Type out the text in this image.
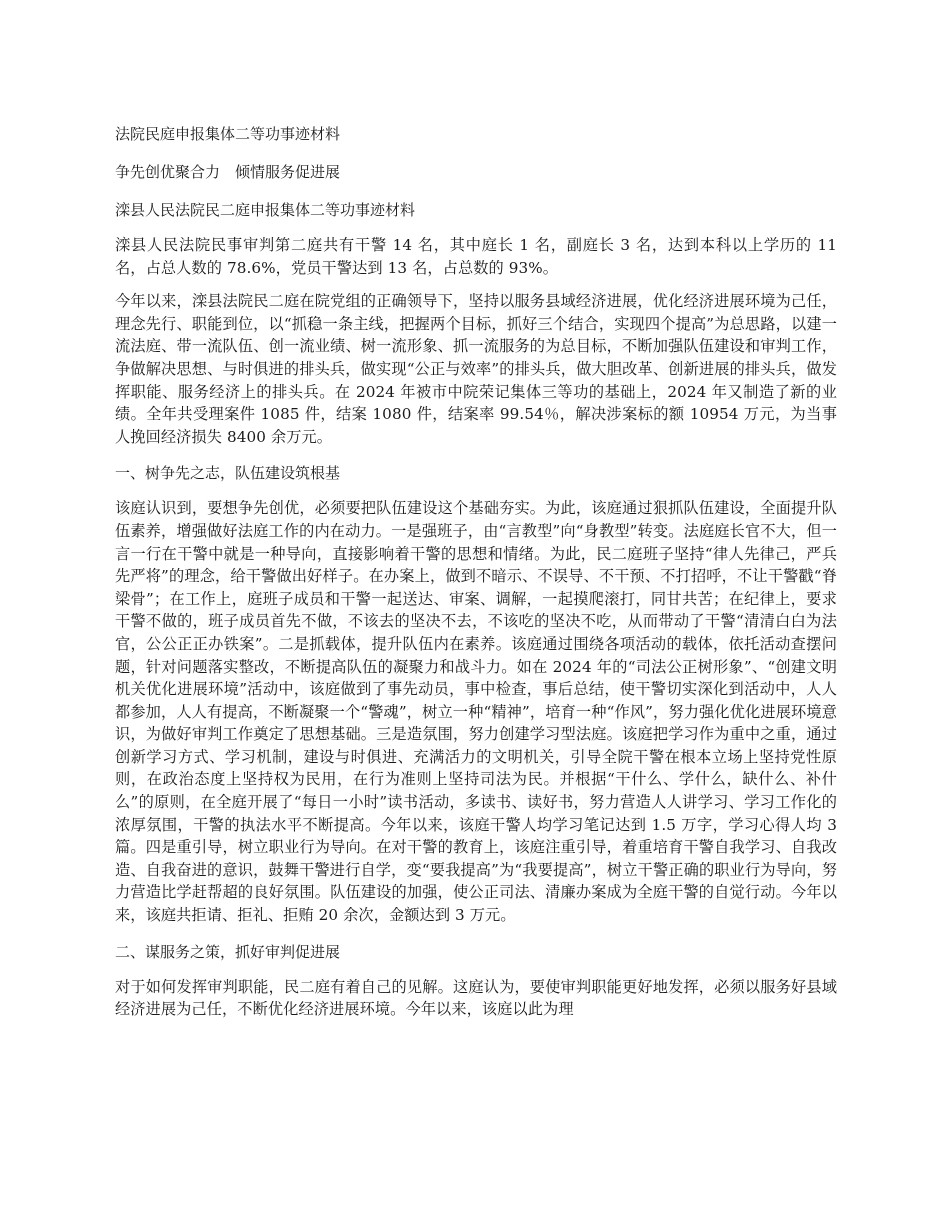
法院民庭申报集体二等功事迹材料

争先创优聚合力　倾情服务促进展

滦县人民法院民二庭申报集体二等功事迹材料

滦县人民法院民事审判第二庭共有干警 14 名，其中庭长 1 名，副庭长 3 名，达到本科以上学历的 11 名，占总人数的 78.6%，党员干警达到 13 名，占总数的 93%。

今年以来，滦县法院民二庭在院党组的正确领导下，坚持以服务县域经济进展，优化经济进展环境为己任，理念先行、职能到位，以“抓稳一条主线，把握两个目标，抓好三个结合，实现四个提高”为总思路，以建一流法庭、带一流队伍、创一流业绩、树一流形象、抓一流服务的为总目标，不断加强队伍建设和审判工作，争做解决思想、与时俱进的排头兵，做实现“公正与效率”的排头兵，做大胆改革、创新进展的排头兵，做发挥职能、服务经济上的排头兵。在 2024 年被市中院荣记集体三等功的基础上，2024 年又制造了新的业绩。全年共受理案件 1085 件，结案 1080 件，结案率 99.54％，解决涉案标的额 10954 万元，为当事人挽回经济损失 8400 余万元。

一、树争先之志，队伍建设筑根基

该庭认识到，要想争先创优，必须要把队伍建设这个基础夯实。为此，该庭通过狠抓队伍建设，全面提升队伍素养，增强做好法庭工作的内在动力。一是强班子，由“言教型”向“身教型”转变。法庭庭长官不大，但一言一行在干警中就是一种导向，直接影响着干警的思想和情绪。为此，民二庭班子坚持“律人先律己，严兵先严将”的理念，给干警做出好样子。在办案上，做到不暗示、不误导、不干预、不打招呼，不让干警戳“脊梁骨”；在工作上，庭班子成员和干警一起送达、审案、调解，一起摸爬滚打，同甘共苦；在纪律上，要求干警不做的，班子成员首先不做，不该去的坚决不去，不该吃的坚决不吃，从而带动了干警“清清白白为法官，公公正正办铁案”。二是抓载体，提升队伍内在素养。该庭通过围绕各项活动的载体，依托活动查摆问题，针对问题落实整改，不断提高队伍的凝聚力和战斗力。如在 2024 年的“司法公正树形象”、“创建文明机关优化进展环境”活动中，该庭做到了事先动员，事中检查，事后总结，使干警切实深化到活动中，人人都参加，人人有提高，不断凝聚一个“警魂”，树立一种“精神”，培育一种“作风”，努力强化优化进展环境意识，为做好审判工作奠定了思想基础。三是造氛围，努力创建学习型法庭。该庭把学习作为重中之重，通过创新学习方式、学习机制，建设与时俱进、充满活力的文明机关，引导全院干警在根本立场上坚持党性原则，在政治态度上坚持权为民用，在行为准则上坚持司法为民。并根据“干什么、学什么，缺什么、补什么”的原则，在全庭开展了“每日一小时”读书活动，多读书、读好书，努力营造人人讲学习、学习工作化的浓厚氛围，干警的执法水平不断提高。今年以来，该庭干警人均学习笔记达到 1.5 万字，学习心得人均 3 篇。四是重引导，树立职业行为导向。在对干警的教育上，该庭注重引导，着重培育干警自我学习、自我改造、自我奋进的意识，鼓舞干警进行自学，变“要我提高”为“我要提高”，树立干警正确的职业行为导向，努力营造比学赶帮超的良好氛围。队伍建设的加强，使公正司法、清廉办案成为全庭干警的自觉行动。今年以来，该庭共拒请、拒礼、拒贿 20 余次，金额达到 3 万元。

二、谋服务之策，抓好审判促进展

对于如何发挥审判职能，民二庭有着自己的见解。这庭认为，要使审判职能更好地发挥，必须以服务好县域经济进展为己任，不断优化经济进展环境。今年以来，该庭以此为理
